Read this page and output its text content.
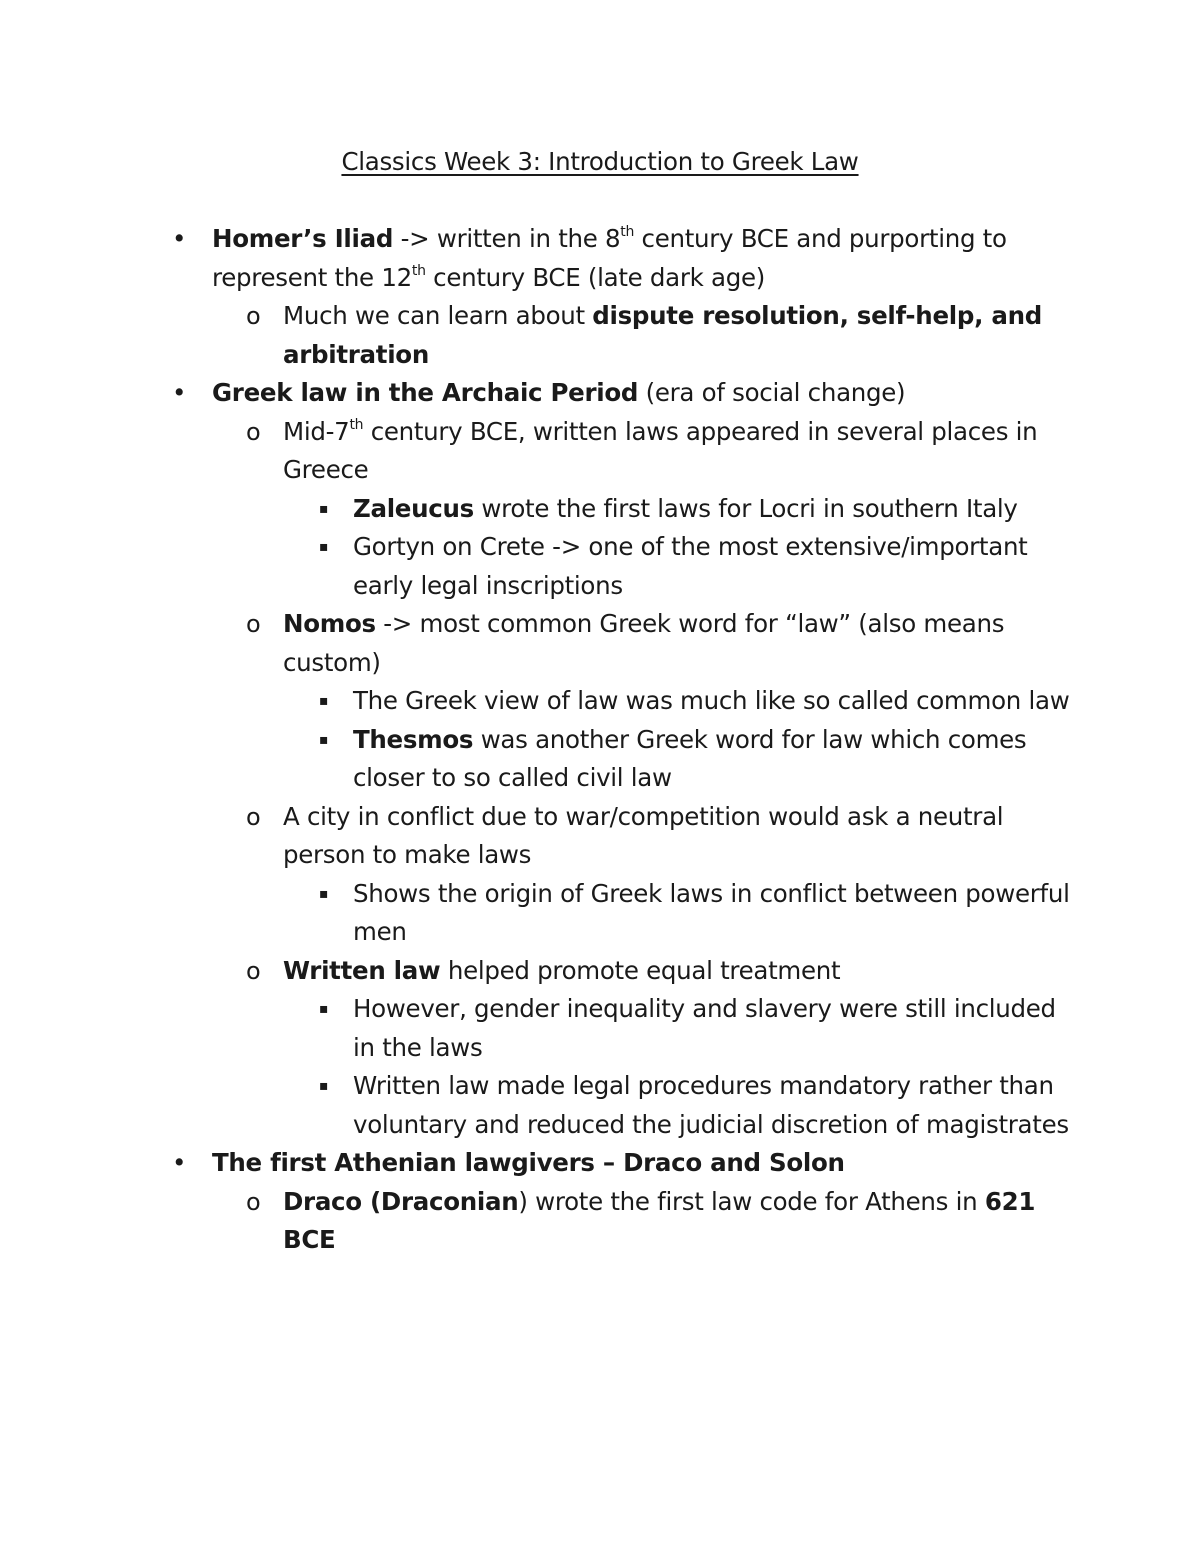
Classics Week 3: Introduction to Greek Law
• Homer’s Iliad -> written in the 8th century BCE and purporting to represent the 12th century BCE (late dark age)
o Much we can learn about dispute resolution, self-help, and arbitration
• Greek law in the Archaic Period (era of social change)
o Mid-7th century BCE, written laws appeared in several places in Greece
▪ Zaleucus wrote the first laws for Locri in southern Italy
▪ Gortyn on Crete -> one of the most extensive/important early legal inscriptions
o Nomos -> most common Greek word for “law” (also means custom)
▪ The Greek view of law was much like so called common law
▪ Thesmos was another Greek word for law which comes closer to so called civil law
o A city in conflict due to war/competition would ask a neutral person to make laws
▪ Shows the origin of Greek laws in conflict between powerful men
o Written law helped promote equal treatment
▪ However, gender inequality and slavery were still included in the laws
▪ Written law made legal procedures mandatory rather than voluntary and reduced the judicial discretion of magistrates
• The first Athenian lawgivers – Draco and Solon
o Draco (Draconian) wrote the first law code for Athens in 621 BCE
